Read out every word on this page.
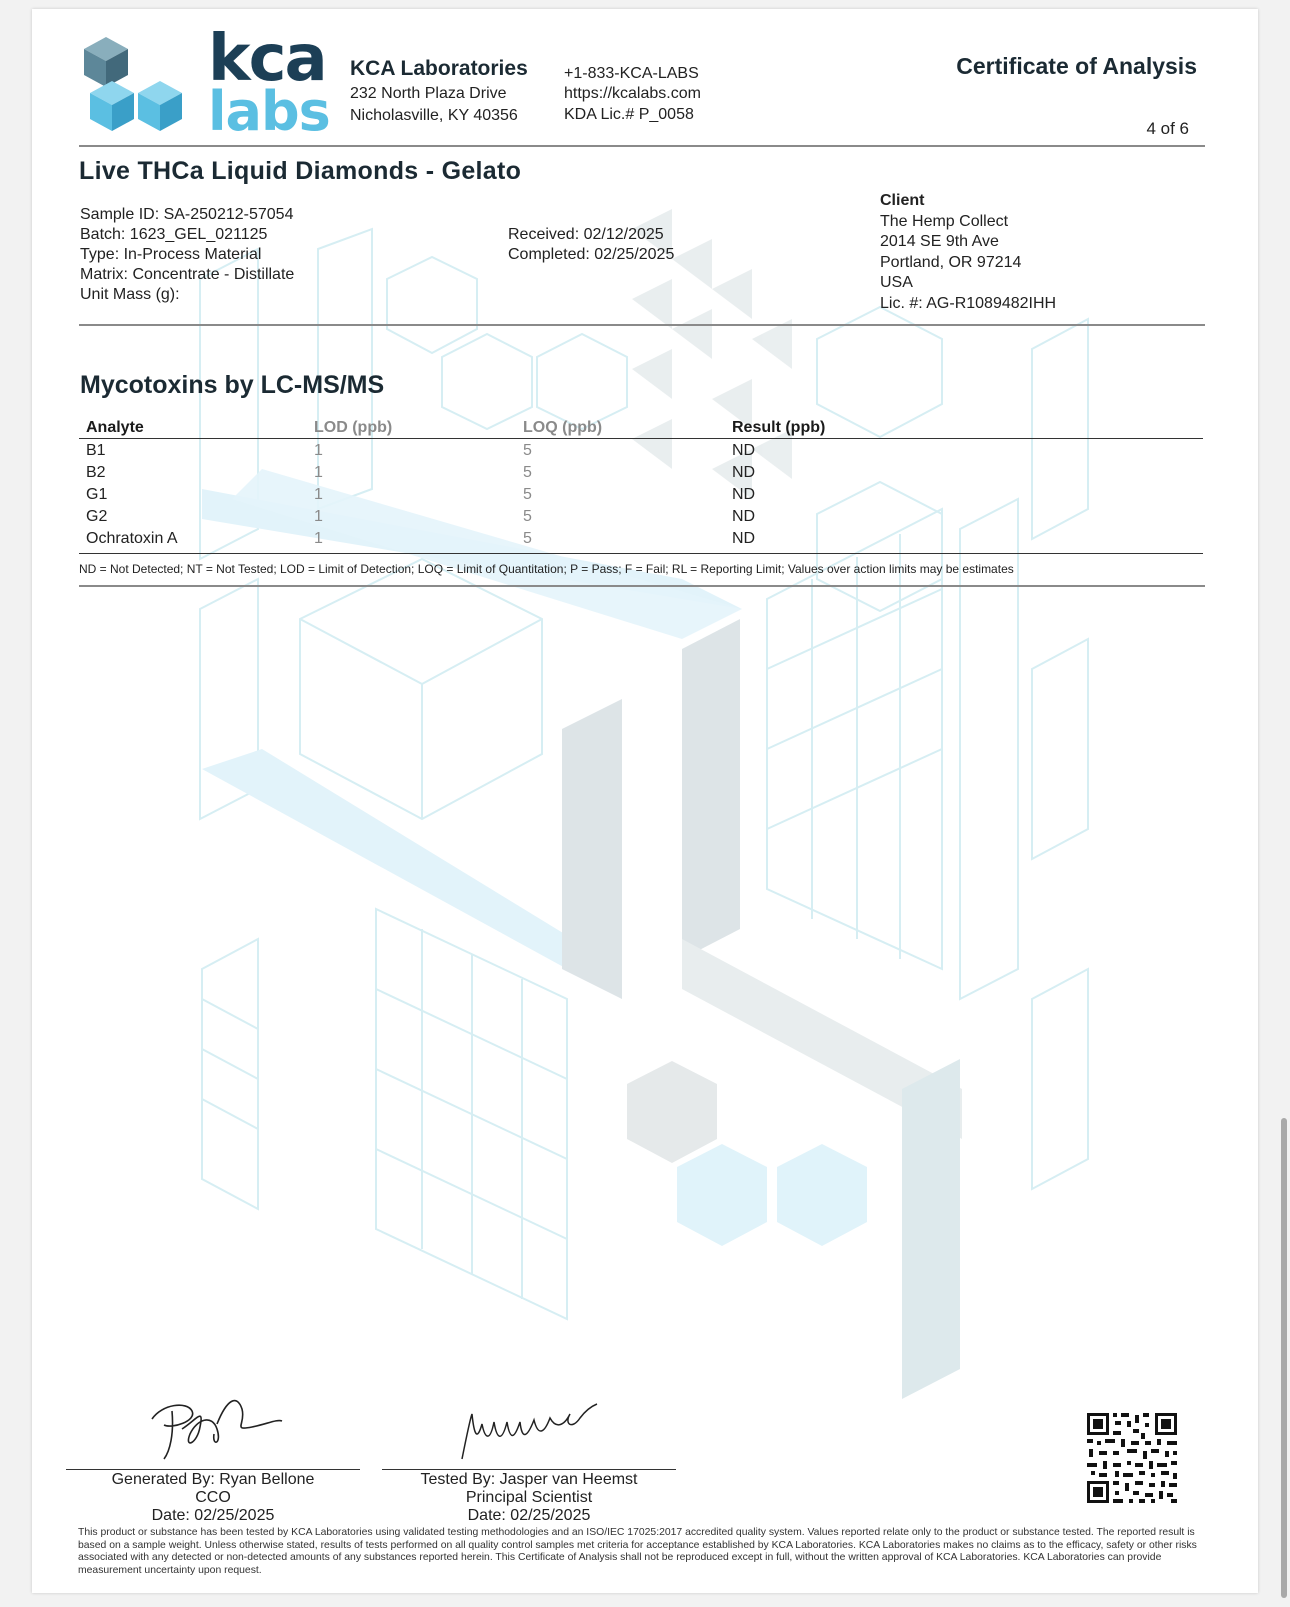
kca
labs
KCA Laboratories
232 North Plaza Drive
Nicholasville, KY 40356
+1-833-KCA-LABS
https://kcalabs.com
KDA Lic.# P_0058
Certificate of Analysis
4 of 6
Live THCa Liquid Diamonds - Gelato
Sample ID: SA-250212-57054
Batch: 1623_GEL_021125
Type: In-Process Material
Matrix: Concentrate - Distillate
Unit Mass (g):
Received: 02/12/2025
Completed: 02/25/2025
Client
The Hemp Collect
2014 SE 9th Ave
Portland, OR 97214
USA
Lic. #: AG-R1089482IHH
Mycotoxins by LC-MS/MS
Analyte	LOD (ppb)	LOQ (ppb)	Result (ppb)
B1	1	5	ND
B2	1	5	ND
G1	1	5	ND
G2	1	5	ND
Ochratoxin A	1	5	ND
ND = Not Detected; NT = Not Tested; LOD = Limit of Detection; LOQ = Limit of Quantitation; P = Pass; F = Fail; RL = Reporting Limit; Values over action limits may be estimates
Generated By: Ryan Bellone
CCO
Date: 02/25/2025
Tested By: Jasper van Heemst
Principal Scientist
Date: 02/25/2025
This product or substance has been tested by KCA Laboratories using validated testing methodologies and an ISO/IEC 17025:2017 accredited quality system. Values reported relate only to the product or substance tested. The reported result is based on a sample weight. Unless otherwise stated, results of tests performed on all quality control samples met criteria for acceptance established by KCA Laboratories. KCA Laboratories makes no claims as to the efficacy, safety or other risks associated with any detected or non-detected amounts of any substances reported herein. This Certificate of Analysis shall not be reproduced except in full, without the written approval of KCA Laboratories. KCA Laboratories can provide measurement uncertainty upon request.
